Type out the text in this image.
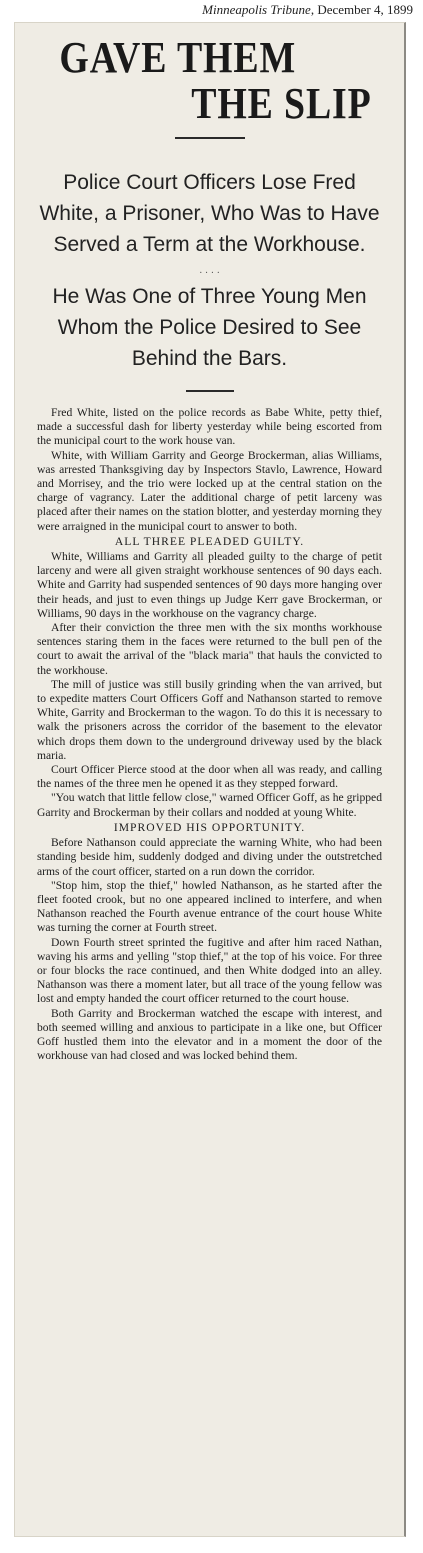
Minneapolis Tribune, December 4, 1899
GAVE THEM
THE SLIP
Police Court Officers Lose Fred White, a Prisoner, Who Was to Have Served a Term at the Workhouse.
· · · ·
He Was One of Three Young Men Whom the Police Desired to See Behind the Bars.

Fred White, listed on the police records as Babe White, petty thief, made a successful dash for liberty yesterday while being escorted from the municipal court to the work house van.

White, with William Garrity and George Brockerman, alias Williams, was arrested Thanksgiving day by Inspectors Stavlo, Lawrence, Howard and Morrisey, and the trio were locked up at the central station on the charge of vagrancy. Later the additional charge of petit larceny was placed after their names on the station blotter, and yesterday morning they were arraigned in the municipal court to answer to both.

ALL THREE PLEADED GUILTY.

White, Williams and Garrity all pleaded guilty to the charge of petit larceny and were all given straight workhouse sentences of 90 days each. White and Garrity had suspended sentences of 90 days more hanging over their heads, and just to even things up Judge Kerr gave Brockerman, or Williams, 90 days in the workhouse on the vagrancy charge.

After their conviction the three men with the six months workhouse sentences staring them in the faces were returned to the bull pen of the court to await the arrival of the "black maria" that hauls the convicted to the workhouse.

The mill of justice was still busily grinding when the van arrived, but to expedite matters Court Officers Goff and Nathanson started to remove White, Garrity and Brockerman to the wagon. To do this it is necessary to walk the prisoners across the corridor of the basement to the elevator which drops them down to the underground driveway used by the black maria.

Court Officer Pierce stood at the door when all was ready, and calling the names of the three men he opened it as they stepped forward.

"You watch that little fellow close," warned Officer Goff, as he gripped Garrity and Brockerman by their collars and nodded at young White.

IMPROVED HIS OPPORTUNITY.

Before Nathanson could appreciate the warning White, who had been standing beside him, suddenly dodged and diving under the outstretched arms of the court officer, started on a run down the corridor.

"Stop him, stop the thief," howled Nathanson, as he started after the fleet footed crook, but no one appeared inclined to interfere, and when Nathanson reached the Fourth avenue entrance of the court house White was turning the corner at Fourth street.

Down Fourth street sprinted the fugitive and after him raced Nathan, waving his arms and yelling "stop thief," at the top of his voice. For three or four blocks the race continued, and then White dodged into an alley. Nathanson was there a moment later, but all trace of the young fellow was lost and empty handed the court officer returned to the court house.

Both Garrity and Brockerman watched the escape with interest, and both seemed willing and anxious to participate in a like one, but Officer Goff hustled them into the elevator and in a moment the door of the workhouse van had closed and was locked behind them.
